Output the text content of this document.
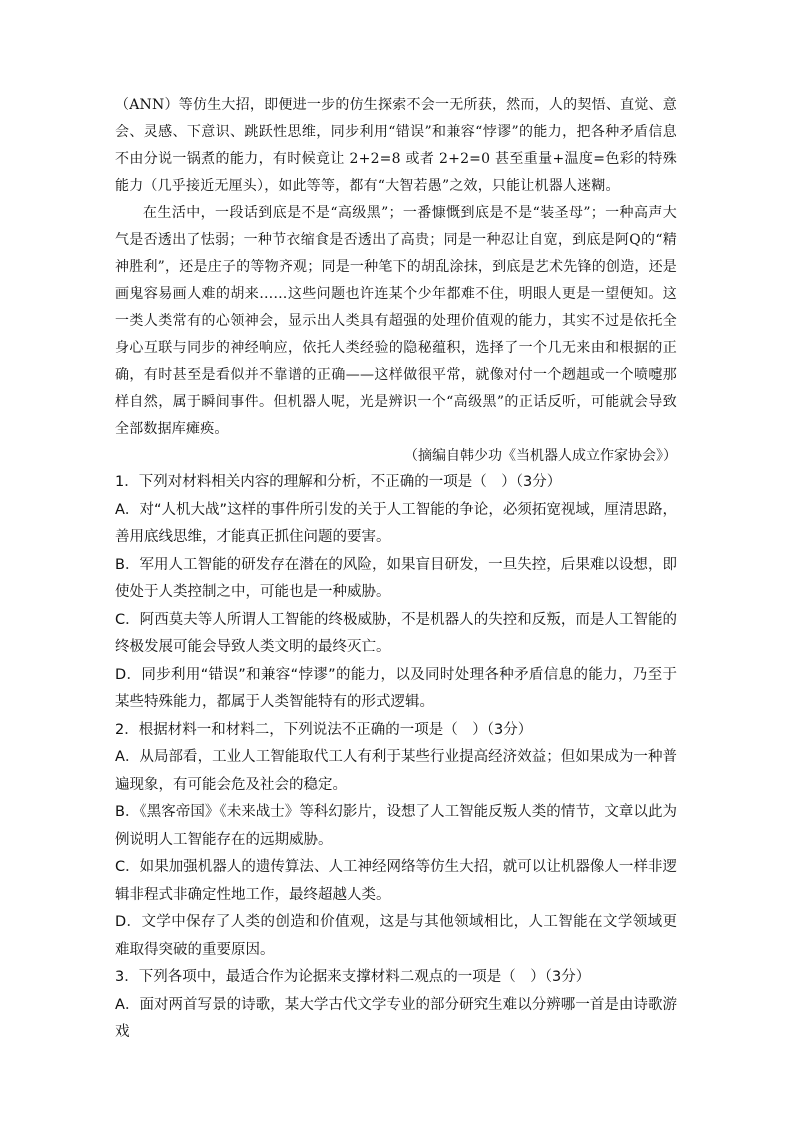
（ANN）等仿生大招，即便进一步的仿生探索不会一无所获，然而，人的契悟、直觉、意会、灵感、下意识、跳跃性思维，同步利用“错误”和兼容“悖谬”的能力，把各种矛盾信息不由分说一锅煮的能力，有时候竟让 2+2=8 或者 2+2=0 甚至重量+温度=色彩的特殊能力（几乎接近无厘头），如此等等，都有“大智若愚”之效，只能让机器人迷糊。

在生活中，一段话到底是不是“高级黑”；一番慷慨到底是不是“装圣母”；一种高声大气是否透出了怯弱；一种节衣缩食是否透出了高贵；同是一种忍让自宽，到底是阿Q的“精神胜利”，还是庄子的等物齐观；同是一种笔下的胡乱涂抹，到底是艺术先锋的创造，还是画鬼容易画人难的胡来……这些问题也许连某个少年都难不住，明眼人更是一望便知。这一类人类常有的心领神会，显示出人类具有超强的处理价值观的能力，其实不过是依托全身心互联与同步的神经响应，依托人类经验的隐秘蕴积，选择了一个几无来由和根据的正确，有时甚至是看似并不靠谱的正确——这样做很平常，就像对付一个趔趄或一个喷嚏那样自然，属于瞬间事件。但机器人呢，光是辨识一个“高级黑”的正话反听，可能就会导致全部数据库瘫痪。

（摘编自韩少功《当机器人成立作家协会》）

1．下列对材料相关内容的理解和分析，不正确的一项是（　）（3分）

A．对“人机大战”这样的事件所引发的关于人工智能的争论，必须拓宽视域，厘清思路，善用底线思维，才能真正抓住问题的要害。

B．军用人工智能的研发存在潜在的风险，如果盲目研发，一旦失控，后果难以设想，即使处于人类控制之中，可能也是一种威胁。

C．阿西莫夫等人所谓人工智能的终极威胁，不是机器人的失控和反叛，而是人工智能的终极发展可能会导致人类文明的最终灭亡。

D．同步利用“错误”和兼容“悖谬”的能力，以及同时处理各种矛盾信息的能力，乃至于某些特殊能力，都属于人类智能特有的形式逻辑。

2．根据材料一和材料二，下列说法不正确的一项是（　）（3分）

A．从局部看，工业人工智能取代工人有利于某些行业提高经济效益；但如果成为一种普遍现象，有可能会危及社会的稳定。

B．《黑客帝国》《未来战士》等科幻影片，设想了人工智能反叛人类的情节，文章以此为例说明人工智能存在的远期威胁。

C．如果加强机器人的遗传算法、人工神经网络等仿生大招，就可以让机器像人一样非逻辑非程式非确定性地工作，最终超越人类。

D．文学中保存了人类的创造和价值观，这是与其他领域相比，人工智能在文学领域更难取得突破的重要原因。

3．下列各项中，最适合作为论据来支撑材料二观点的一项是（　）（3分）

A．面对两首写景的诗歌，某大学古代文学专业的部分研究生难以分辨哪一首是由诗歌游戏
